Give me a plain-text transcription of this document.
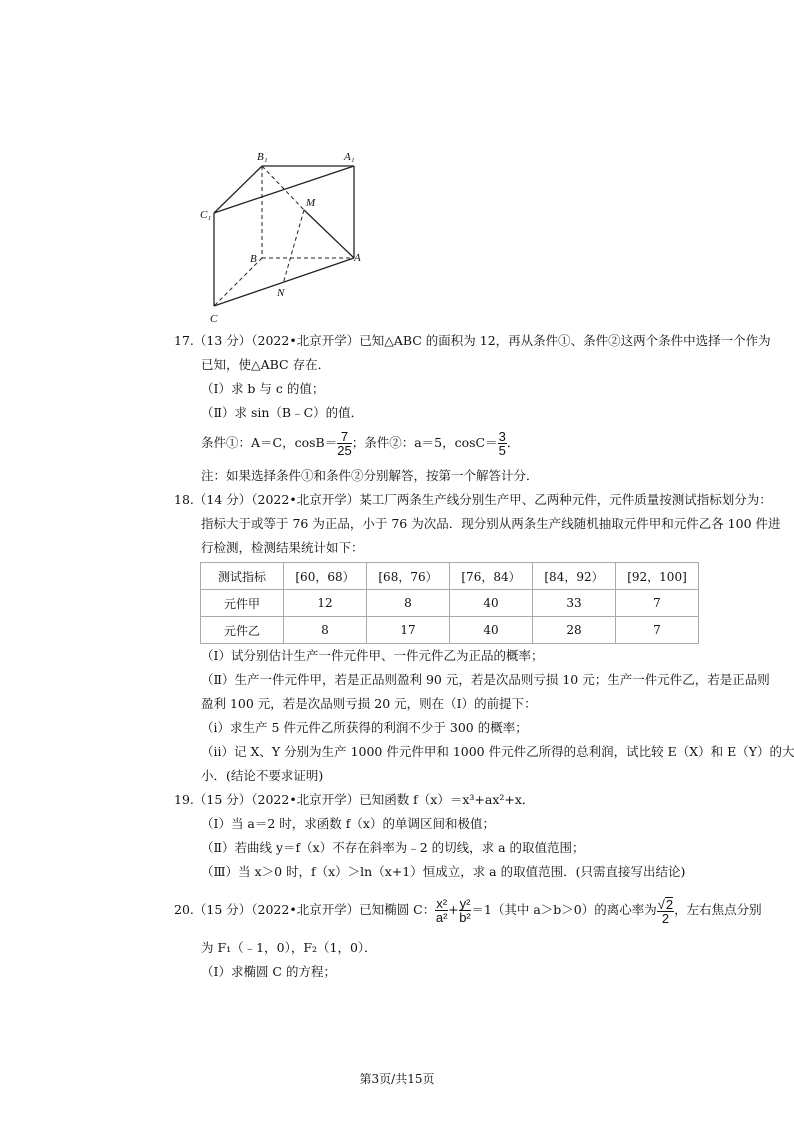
B₁	A₁
C₁
M
B	A
N
C
17.（13 分）（2022•北京开学）已知△ABC 的面积为 12，再从条件①、条件②这两个条件中选择一个作为
已知，使△ABC 存在．
（Ⅰ）求 b 与 c 的值；
（Ⅱ）求 sin（B﹣C）的值．
条件①：A＝C，$\cos B= \frac{7}{25}$ ；条件②：a＝5，$\cos C= \frac{3}{5}$ ．
注：如果选择条件①和条件②分别解答，按第一个解答计分．
18.（14 分）（2022•北京开学）某工厂两条生产线分别生产甲、乙两种元件，元件质量按测试指标划分为：
指标大于或等于 76 为正品，小于 76 为次品．现分别从两条生产线随机抽取元件甲和元件乙各 100 件进
行检测，检测结果统计如下：
测试指标	[60，68）	[68，76）	[76，84）	[84，92）	[92，100]
元件甲	12	8	40	33	7
元件乙	8	17	40	28	7
（Ⅰ）试分别估计生产一件元件甲、一件元件乙为正品的概率；
（Ⅱ）生产一件元件甲，若是正品则盈利 90 元，若是次品则亏损 10 元；生产一件元件乙，若是正品则
盈利 100 元，若是次品则亏损 20 元，则在（I）的前提下：
（i）求生产 5 件元件乙所获得的利润不少于 300 的概率；
（ii）记 X、Y 分别为生产 1000 件元件甲和 1000 件元件乙所得的总利润，试比较 E（X）和 E（Y）的大
小．(结论不要求证明)
19.（15 分）（2022•北京开学）已知函数 f（x）＝x³+ax²+x．
（Ⅰ）当 a＝2 时，求函数 f（x）的单调区间和极值；
（Ⅱ）若曲线 y＝f（x）不存在斜率为﹣2 的切线，求 a 的取值范围；
（Ⅲ）当 x＞0 时，f（x）＞ln（x+1）恒成立，求 a 的取值范围．(只需直接写出结论)
20.（15 分）（2022•北京开学）已知椭圆 C： $\frac{\text{x²}}{\text{a²}} + \frac{\text{y²}}{\text{b²}} =1$（其中 a＞b＞0）的离心率为 $\frac{√2}{2}$ ，左右焦点分别
为 F₁（﹣1，0），F₂（1，0）．
（Ⅰ）求椭圆 C 的方程；
第3页/共15页
